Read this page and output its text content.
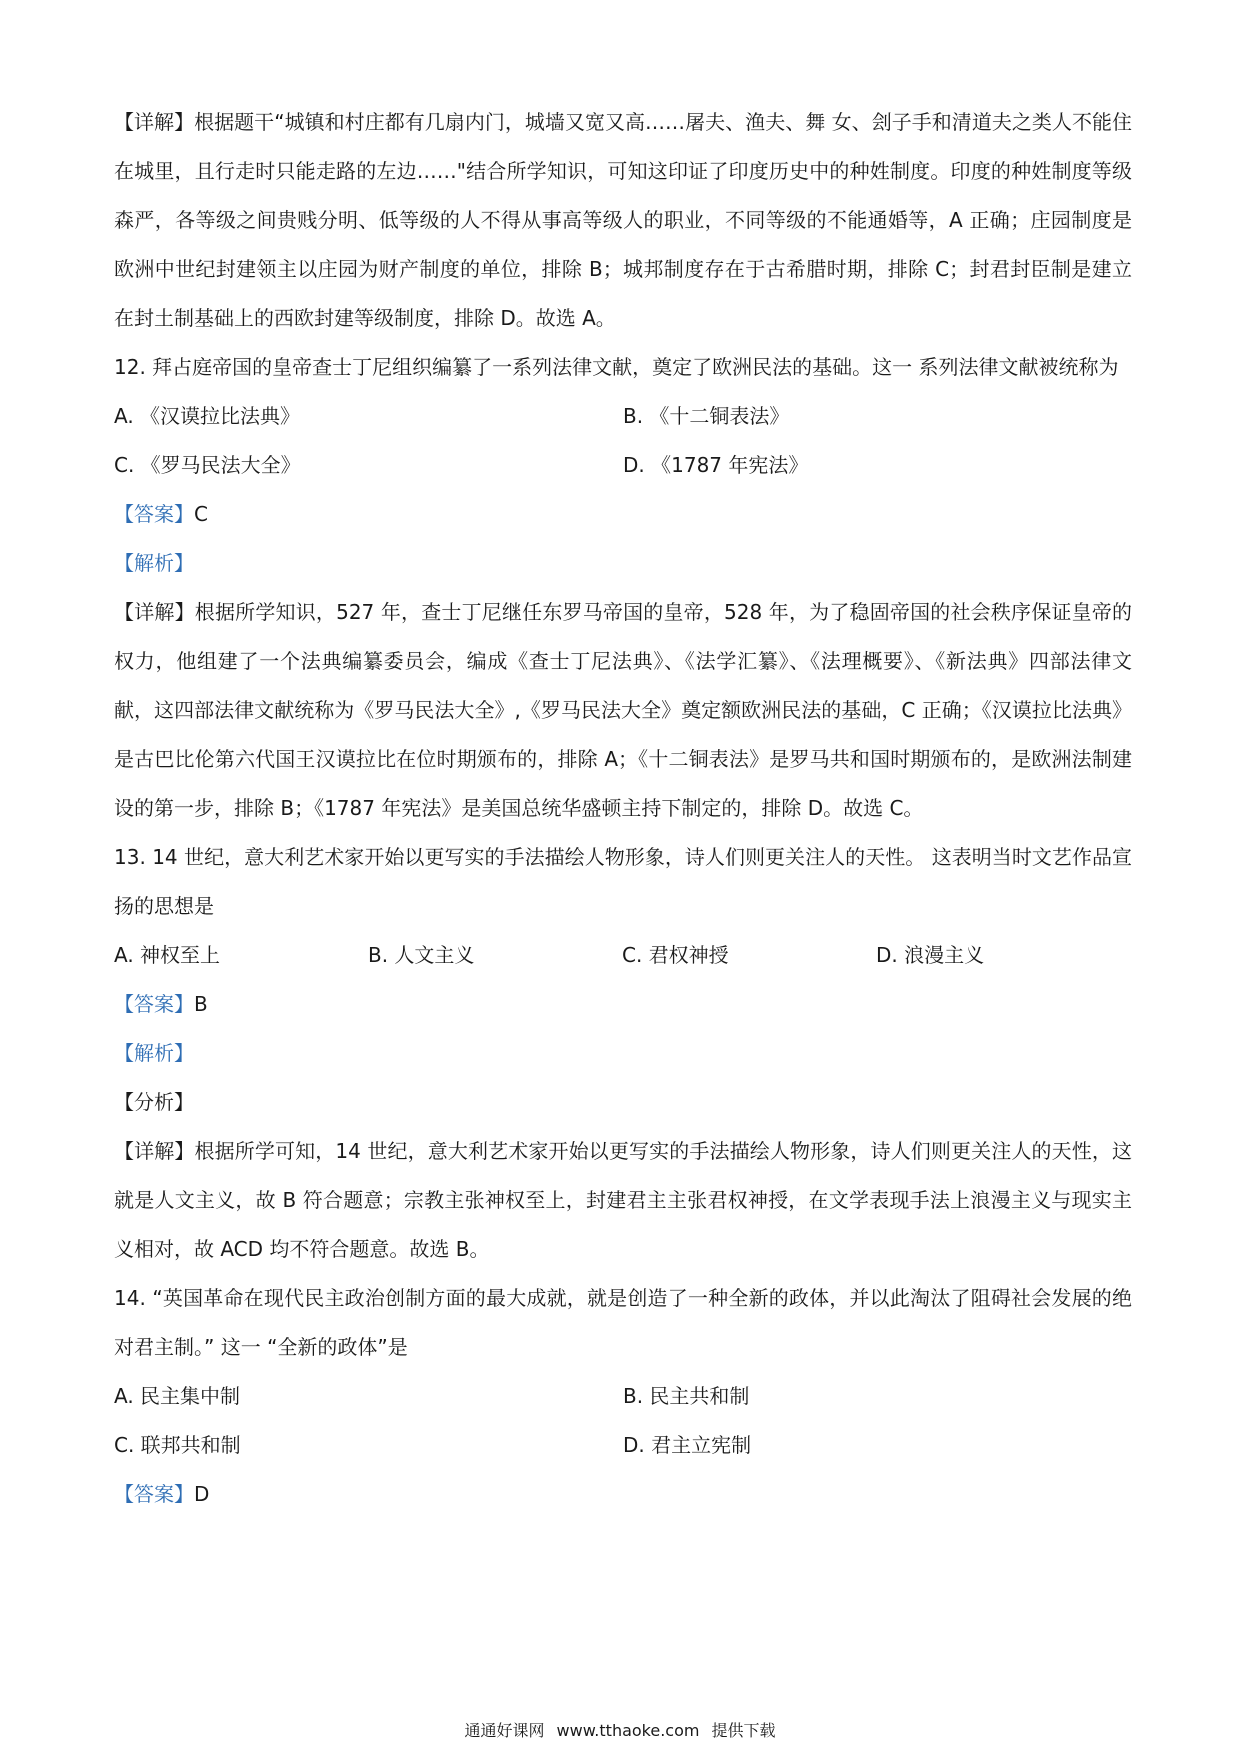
【详解】根据题干“城镇和村庄都有几扇内门，城墙又宽又高……屠夫、渔夫、舞 女、刽子手和清道夫之类人不能住在城里，且行走时只能走路的左边……"结合所学知识，可知这印证了印度历史中的种姓制度。印度的种姓制度等级森严，各等级之间贵贱分明、低等级的人不得从事高等级人的职业，不同等级的不能通婚等，A 正确；庄园制度是欧洲中世纪封建领主以庄园为财产制度的单位，排除 B；城邦制度存在于古希腊时期，排除 C；封君封臣制是建立在封土制基础上的西欧封建等级制度，排除 D。故选 A。

12. 拜占庭帝国的皇帝查士丁尼组织编纂了一系列法律文献，奠定了欧洲民法的基础。这一 系列法律文献被统称为

A. 《汉谟拉比法典》	B. 《十二铜表法》
C. 《罗马民法大全》	D. 《1787 年宪法》

【答案】C

【解析】

【详解】根据所学知识，527 年，查士丁尼继任东罗马帝国的皇帝，528 年，为了稳固帝国的社会秩序保证皇帝的权力，他组建了一个法典编纂委员会，编成《查士丁尼法典》、《法学汇纂》、《法理概要》、《新法典》四部法律文献，这四部法律文献统称为《罗马民法大全》,《罗马民法大全》奠定额欧洲民法的基础，C 正确；《汉谟拉比法典》是古巴比伦第六代国王汉谟拉比在位时期颁布的，排除 A；《十二铜表法》是罗马共和国时期颁布的，是欧洲法制建设的第一步，排除 B；《1787 年宪法》是美国总统华盛顿主持下制定的，排除 D。故选 C。

13. 14 世纪，意大利艺术家开始以更写实的手法描绘人物形象，诗人们则更关注人的天性。 这表明当时文艺作品宣扬的思想是

A. 神权至上	B. 人文主义	C. 君权神授	D. 浪漫主义

【答案】B

【解析】

【分析】

【详解】根据所学可知，14 世纪，意大利艺术家开始以更写实的手法描绘人物形象，诗人们则更关注人的天性，这就是人文主义，故 B 符合题意；宗教主张神权至上，封建君主主张君权神授，在文学表现手法上浪漫主义与现实主义相对，故 ACD 均不符合题意。故选 B。

14. “英国革命在现代民主政治创制方面的最大成就，就是创造了一种全新的政体，并以此淘汰了阻碍社会发展的绝对君主制。” 这一 “全新的政体”是

A. 民主集中制	B. 民主共和制
C. 联邦共和制	D. 君主立宪制

【答案】D

通通好课网 www.tthaoke.com 提供下载
